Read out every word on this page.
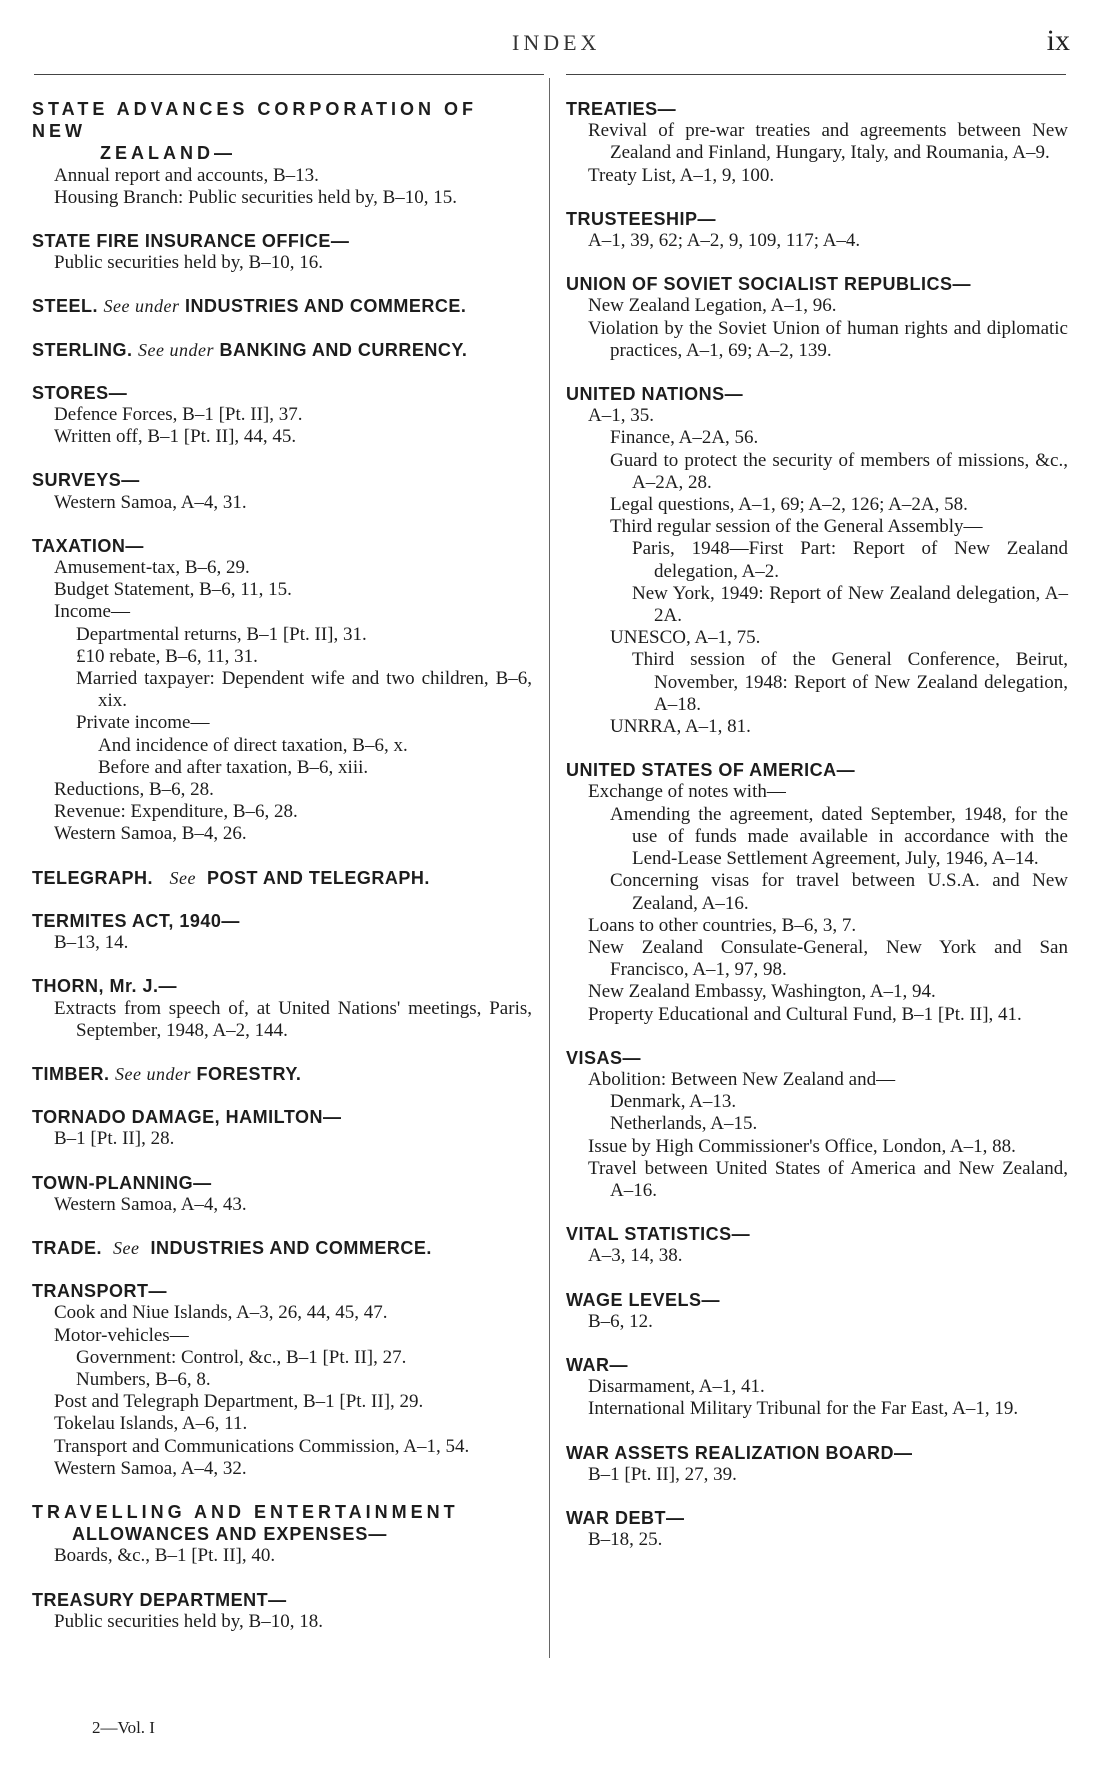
INDEX	ix
STATE ADVANCES CORPORATION OF NEW
ZEALAND—
Annual report and accounts, B–13.
Housing Branch: Public securities held by, B–10, 15.
STATE FIRE INSURANCE OFFICE—
Public securities held by, B–10, 16.
STEEL. See under INDUSTRIES AND COMMERCE.
STERLING. See under BANKING AND CURRENCY.
STORES—
Defence Forces, B–1 [Pt. II], 37.
Written off, B–1 [Pt. II], 44, 45.
SURVEYS—
Western Samoa, A–4, 31.
TAXATION—
Amusement-tax, B–6, 29.
Budget Statement, B–6, 11, 15.
Income—
Departmental returns, B–1 [Pt. II], 31.
£10 rebate, B–6, 11, 31.
Married taxpayer: Dependent wife and two children, B–6, xix.
Private income—
And incidence of direct taxation, B–6, x.
Before and after taxation, B–6, xiii.
Reductions, B–6, 28.
Revenue: Expenditure, B–6, 28.
Western Samoa, B–4, 26.
TELEGRAPH. See POST AND TELEGRAPH.
TERMITES ACT, 1940—
B–13, 14.
THORN, Mr. J.—
Extracts from speech of, at United Nations' meetings, Paris, September, 1948, A–2, 144.
TIMBER. See under FORESTRY.
TORNADO DAMAGE, HAMILTON—
B–1 [Pt. II], 28.
TOWN-PLANNING—
Western Samoa, A–4, 43.
TRADE. See INDUSTRIES AND COMMERCE.
TRANSPORT—
Cook and Niue Islands, A–3, 26, 44, 45, 47.
Motor-vehicles—
Government: Control, &c., B–1 [Pt. II], 27.
Numbers, B–6, 8.
Post and Telegraph Department, B–1 [Pt. II], 29.
Tokelau Islands, A–6, 11.
Transport and Communications Commission, A–1, 54.
Western Samoa, A–4, 32.
TRAVELLING AND ENTERTAINMENT
ALLOWANCES AND EXPENSES—
Boards, &c., B–1 [Pt. II], 40.
TREASURY DEPARTMENT—
Public securities held by, B–10, 18.
TREATIES—
Revival of pre-war treaties and agreements between New Zealand and Finland, Hungary, Italy, and Roumania, A–9.
Treaty List, A–1, 9, 100.
TRUSTEESHIP—
A–1, 39, 62; A–2, 9, 109, 117; A–4.
UNION OF SOVIET SOCIALIST REPUBLICS—
New Zealand Legation, A–1, 96.
Violation by the Soviet Union of human rights and diplomatic practices, A–1, 69; A–2, 139.
UNITED NATIONS—
A–1, 35.
Finance, A–2A, 56.
Guard to protect the security of members of missions, &c., A–2A, 28.
Legal questions, A–1, 69; A–2, 126; A–2A, 58.
Third regular session of the General Assembly—
Paris, 1948—First Part: Report of New Zealand delegation, A–2.
New York, 1949: Report of New Zealand delegation, A–2A.
UNESCO, A–1, 75.
Third session of the General Conference, Beirut, November, 1948: Report of New Zealand delegation, A–18.
UNRRA, A–1, 81.
UNITED STATES OF AMERICA—
Exchange of notes with—
Amending the agreement, dated September, 1948, for the use of funds made available in accordance with the Lend-Lease Settlement Agreement, July, 1946, A–14.
Concerning visas for travel between U.S.A. and New Zealand, A–16.
Loans to other countries, B–6, 3, 7.
New Zealand Consulate-General, New York and San Francisco, A–1, 97, 98.
New Zealand Embassy, Washington, A–1, 94.
Property Educational and Cultural Fund, B–1 [Pt. II], 41.
VISAS—
Abolition: Between New Zealand and—
Denmark, A–13.
Netherlands, A–15.
Issue by High Commissioner's Office, London, A–1, 88.
Travel between United States of America and New Zealand, A–16.
VITAL STATISTICS—
A–3, 14, 38.
WAGE LEVELS—
B–6, 12.
WAR—
Disarmament, A–1, 41.
International Military Tribunal for the Far East, A–1, 19.
WAR ASSETS REALIZATION BOARD—
B–1 [Pt. II], 27, 39.
WAR DEBT—
B–18, 25.
2—Vol. I
